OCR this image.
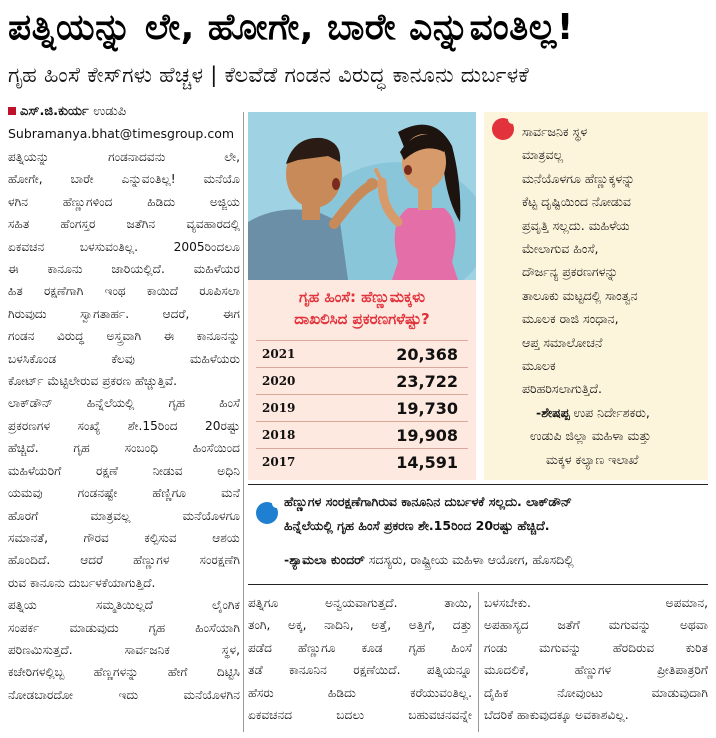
ಪತ್ನಿಯನ್ನು ಲೇ, ಹೋಗೇ, ಬಾರೇ ಎನ್ನುವಂತಿಲ್ಲ!
ಗೃಹ ಹಿಂಸೆ ಕೇಸ್‌ಗಳು ಹೆಚ್ಚಳ | ಕೆಲವೆಡೆ ಗಂಡನ ವಿರುದ್ಧ ಕಾನೂನು ದುರ್ಬಳಕೆ
ಎಸ್.ಜಿ.ಕುರ್ಯ ಉಡುಪಿ
Subramanya.bhat@timesgroup.com
ಪತ್ನಿಯನ್ನು ಗಂಡನಾದವನು ಲೇ,
ಹೋಗೇ, ಬಾರೇ ಎನ್ನುವಂತಿಲ್ಲ! ಮನೆಯೊ
ಳಗಿನ ಹೆಣ್ಣುಗಳಿಂದ ಹಿಡಿದು ಅಜ್ಜಿಯ
ಸಹಿತ ಹೆಂಗಸ್ತರ ಜತೆಗಿನ ವ್ಯವಹಾರದಲ್ಲಿ
ಏಕವಚನ ಬಳಸುವಂತಿಲ್ಲ. 2005ರಿಂದಲೂ
ಈ ಕಾನೂನು ಜಾರಿಯಲ್ಲಿದೆ. ಮಹಿಳೆಯರ
ಹಿತ ರಕ್ಷಣೆಗಾಗಿ ಇಂಥ ಕಾಯಿದೆ ರೂಪಿಸಲಾ
ಗಿರುವುದು ಸ್ವಾಗತಾರ್ಹ. ಆದರೆ, ಈಗ
ಗಂಡನ ವಿರುದ್ಧ ಅಸ್ತ್ರವಾಗಿ ಈ ಕಾನೂನನ್ನು
ಬಳಸಿಕೊಂಡ ಕೆಲವು ಮಹಿಳೆಯರು
ಕೋರ್ಟ್ ಮೆಟ್ಟಿಲೇರುವ ಪ್ರಕರಣ ಹೆಚ್ಚುತ್ತಿವೆ.
ಲಾಕ್‌ಡೌನ್ ಹಿನ್ನೆಲೆಯಲ್ಲಿ ಗೃಹ ಹಿಂಸೆ
ಪ್ರಕರಣಗಳ ಸಂಖ್ಯೆ ಶೇ.15ರಿಂದ 20ರಷ್ಟು
ಹೆಚ್ಚಿದೆ. ಗೃಹ ಸಂಬಂಧಿ ಹಿಂಸೆಯಿಂದ
ಮಹಿಳೆಯರಿಗೆ ರಕ್ಷಣೆ ನೀಡುವ ಅಧಿನಿ
ಯಮವು ಗಂಡನಷ್ಟೇ ಹೆಣ್ಣಿಗೂ ಮನೆ
ಹೊರಗೆ ಮಾತ್ರವಲ್ಲ ಮನೆಯೊಳಗೂ
ಸಮಾನತೆ, ಗೌರವ ಕಲ್ಪಿಸುವ ಆಶಯ
ಹೊಂದಿದೆ. ಆದರೆ ಹೆಣ್ಣುಗಳ ಸಂರಕ್ಷಣೆಗಿ
ರುವ ಕಾನೂನು ದುರ್ಬಳಕೆಯಾಗುತ್ತಿದೆ.
ಪತ್ನಿಯ ಸಮ್ಮತಿಯಿಲ್ಲದೆ ಲೈಂಗಿಕ
ಸಂಪರ್ಕ ಮಾಡುವುದು ಗೃಹ ಹಿಂಸೆಯಾಗಿ
ಪರಿಣಮಿಸುತ್ತದೆ. ಸಾರ್ವಜನಿಕ ಸ್ಥಳ,
ಕಚೇರಿಗಳಲ್ಲಿಬ್ಬ ಹೆಣ್ಣಗಳನ್ನು ಹೇಗೆ ದಿಟ್ಟಿಸಿ
ನೋಡಬಾರದೋ ಇದು ಮನೆಯೊಳಗಿನ
ಗೃಹ ಹಿಂಸೆ: ಹೆಣ್ಣುಮಕ್ಕಳು
ದಾಖಲಿಸಿದ ಪ್ರಕರಣಗಳೆಷ್ಟು?
2021	20,368
2020	23,722
2019	19,730
2018	19,908
2017	14,591
ಸಾರ್ವಜನಿಕ ಸ್ಥಳ
ಮಾತ್ರವಲ್ಲ
ಮನೆಯೊಳಗೂ ಹೆಣ್ಣುಕ್ಕಳನ್ನು
ಕೆಟ್ಟ ದೃಷ್ಟಿಯಿಂದ ನೋಡುವ
ಪ್ರವೃತ್ತಿ ಸಲ್ಲದು. ಮಹಿಳೆಯ
ಮೇಲಾಗುವ ಹಿಂಸೆ,
ದೌರ್ಜನ್ಯ ಪ್ರಕರಣಗಳನ್ನು
ತಾಲೂಕು ಮಟ್ಟದಲ್ಲಿ ಸಾಂತ್ವನ
ಮೂಲಕ ರಾಜಿ ಸಂಧಾನ,
ಆಪ್ತ ಸಮಾಲೋಚನೆ
ಮೂಲಕ
ಪರಿಹರಿಸಲಾಗುತ್ತಿದೆ.
-ಶೇಷಪ್ಪ ಉಪ ನಿರ್ದೇಶಕರು,
ಉಡುಪಿ ಜಿಲ್ಲಾ ಮಹಿಳಾ ಮತ್ತು
ಮಕ್ಕಳ ಕಲ್ಯಾಣ ಇಲಾಖೆ
ಹೆಣ್ಣುಗಳ ಸಂರಕ್ಷಣೆಗಾಗಿರುವ ಕಾನೂನಿನ ದುರ್ಬಳಕೆ ಸಲ್ಲದು. ಲಾಕ್‌ಡೌನ್
ಹಿನ್ನೆಲೆಯಲ್ಲಿ ಗೃಹ ಹಿಂಸೆ ಪ್ರಕರಣ ಶೇ.15ರಿಂದ 20ರಷ್ಟು ಹೆಚ್ಚಿದೆ.
-ಶ್ಯಾಮಲಾ ಕುಂದರ್ ಸದಸ್ಯರು, ರಾಷ್ಟ್ರೀಯ ಮಹಿಳಾ ಆಯೋಗ, ಹೊಸದಿಲ್ಲಿ
ಪತ್ನಿಗೂ ಅನ್ವಯವಾಗುತ್ತದೆ. ತಾಯಿ,
ತಂಗಿ, ಅಕ್ಕ, ನಾದಿನಿ, ಅತ್ತೆ, ಅತ್ತಿಗೆ, ದತ್ತು
ಪಡೆದ ಹೆಣ್ಣುಗೂ ಕೂಡ ಗೃಹ ಹಿಂಸೆ
ತಡೆ ಕಾನೂನಿನ ರಕ್ಷಣೆಯಿದೆ. ಪತ್ನಿಯನ್ನೂ
ಹೆಸರು ಹಿಡಿದು ಕರೆಯುವಂತಿಲ್ಲ.
ಏಕವಚನದ ಬದಲು ಬಹುವಚನವನ್ನೇ
ಬಳಸಬೇಕು. ಅಪಮಾನ,
ಅಪಹಾಸ್ಯದ ಜತೆಗೆ ಮಗುವನ್ನು ಅಥವಾ
ಗಂಡು ಮಗುವನ್ನು ಹೆರದಿರುವ ಕುರಿತ
ಮೂದಲಿಕೆ, ಹೆಣ್ಣುಗಳ ಪ್ರೀತಿಪಾತ್ರರಿಗೆ
ದೈಹಿಕ ನೋವುಂಟು ಮಾಡುವುದಾಗಿ
ಬೆದರಿಕೆ ಹಾಕುವುದಕ್ಕೂ ಅವಕಾಶವಿಲ್ಲ.
